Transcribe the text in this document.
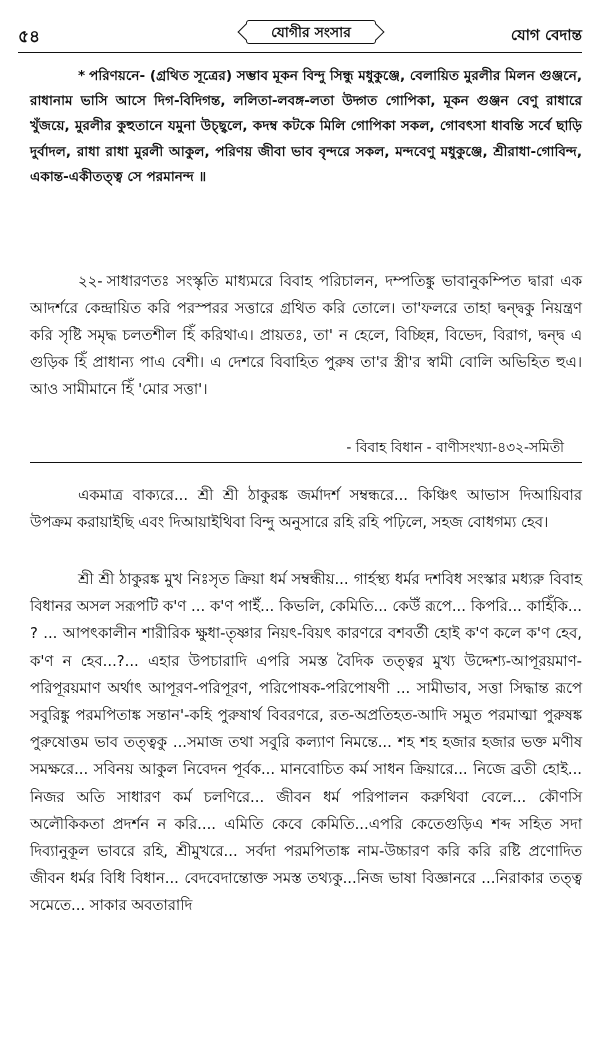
৫৪	যোগীর সংসার	যোগ বেদান্ত
* পরিণয়নে- (গ্রথিত সূত্রের) সম্ভাব মূকন বিন্দু সিন্ধু মধুকুঞ্জে, বেলায়িত মুরলীর মিলন গুঞ্জনে, রাধানাম ভাসি আসে দিগ-বিদিগন্ত, ললিতা-লবঙ্গ-লতা উদ্গত গোপিকা, মূকন গুঞ্জন বেণু রাধারে খুঁজয়ে, মুরলীর কুহুতানে যমুনা উচ্ছ্বলে, কদম্ব কটকে মিলি গোপিকা সকল, গোবৎসা ধাবন্তি সর্বে ছাড়ি দুর্বাদল, রাধা রাধা মুরলী আকুল, পরিণয় জীবা ভাব বৃন্দরে সকল, মন্দবেণু মধুকুঞ্জে, শ্রীরাধা-গোবিন্দ, একান্ত-একীতত্ত্ব সে পরমানন্দ ॥
২২- সাধারণতঃ সংস্কৃতি মাধ্যমরে বিবাহ পরিচালন, দম্পতিঙ্কু ভাবানুকম্পিত দ্বারা এক আদর্শরে কেন্দ্রায়িত করি পরস্পরর সত্তারে গ্রথিত করি তোলে। তা'ফলরে তাহা দ্বন্দ্বকু নিয়ন্ত্রণ করি সৃষ্টি সমৃদ্ধ চলতশীল হিঁ করিথাএ। প্রায়তঃ, তা' ন হেলে, বিচ্ছিন্ন, বিভেদ, বিরাগ, দ্বন্দ্ব এ গুড়িক হিঁ প্রাধান্য পাএ বেশী। এ দেশরে বিবাহিত পুরুষ তা'র স্ত্রী'র স্বামী বোলি অভিহিত হুএ। আও সামীমানে হিঁ 'মোর সত্তা'।
- বিবাহ বিধান - বাণীসংখ্যা-৪৩২-সমিতী
একমাত্র বাক্যরে... শ্রী শ্রী ঠাকুরঙ্ক জর্মাদর্শ সম্বন্ধরে... কিঞ্চিৎ আভাস দিআয়িবার উপক্রম করায়াইছি এবং দিআয়াইথিবা বিন্দু অনুসারে রহি রহি পঢ়িলে, সহজ বোধগম্য হেব।
শ্রী শ্রী ঠাকুরঙ্ক মুখ নিঃসৃত ক্রিয়া ধর্ম সম্বন্ধীয়... গার্হস্থ্য ধর্মর দশবিধ সংস্কার মধ্যরু বিবাহ বিধানর অসল সরূপটি ক'ণ ... ক'ণ পাইঁ... কিভলি, কেমিতি... কেউঁ রূপে... কিপরি... কাহিঁকি... ? ... আপৎকালীন শারীরিক ক্ষুধা-তৃষ্ণার নিয়ৎ-বিয়ৎ কারণরে বশবর্তী হোই ক'ণ কলে ক'ণ হেব, ক'ণ ন হেব...?... এহার উপচারাদি এপরি সমস্ত বৈদিক তত্ত্বর মুখ্য উদ্দেশ্য-আপূরয়মাণ-পরিপূরয়মাণ অর্থাৎ আপূরণ-পরিপূরণ, পরিপোষক-পরিপোষণী ... সামীভাব, সত্তা সিদ্ধান্ত রূপে সবুরিঙ্কু পরমপিতাঙ্ক সন্তান'-কহি পুরুষার্থ বিবরণরে, রত-অপ্রতিহত-আদি সমুত পরমাত্মা পুরুষঙ্ক পুরুষোত্তম ভাব তত্ত্বকু ...সমাজ তথা সবুরি কল্যাণ নিমন্তে... শহ শহ হজার হজার ভক্ত মণীষ সমক্ষরে... সবিনয় আকুল নিবেদন পূর্বক... মানবোচিত কর্ম সাধন ক্রিয়ারে... নিজে ব্রতী হোই... নিজর অতি সাধারণ কর্ম চলণিরে... জীবন ধর্ম পরিপালন করুথিবা বেলে... কৌণসি অলৌকিকতা প্রদর্শন ন করি.... এমিতি কেবে কেমিতি...এপরি কেতেগুড়িএ শব্দ সহিত সদা দিব্যানুকূল ভাবরে রহি, শ্রীমুখরে... সর্বদা পরমপিতাঙ্ক নাম-উচ্চারণ করি করি রষ্টি প্রণোদিত জীবন ধর্মর বিধি বিধান... বেদবেদান্তোক্ত সমস্ত তথ্যকু...নিজ ভাষা বিজ্ঞানরে ...নিরাকার তত্ত্ব সমেতে... সাকার অবতারাদি
